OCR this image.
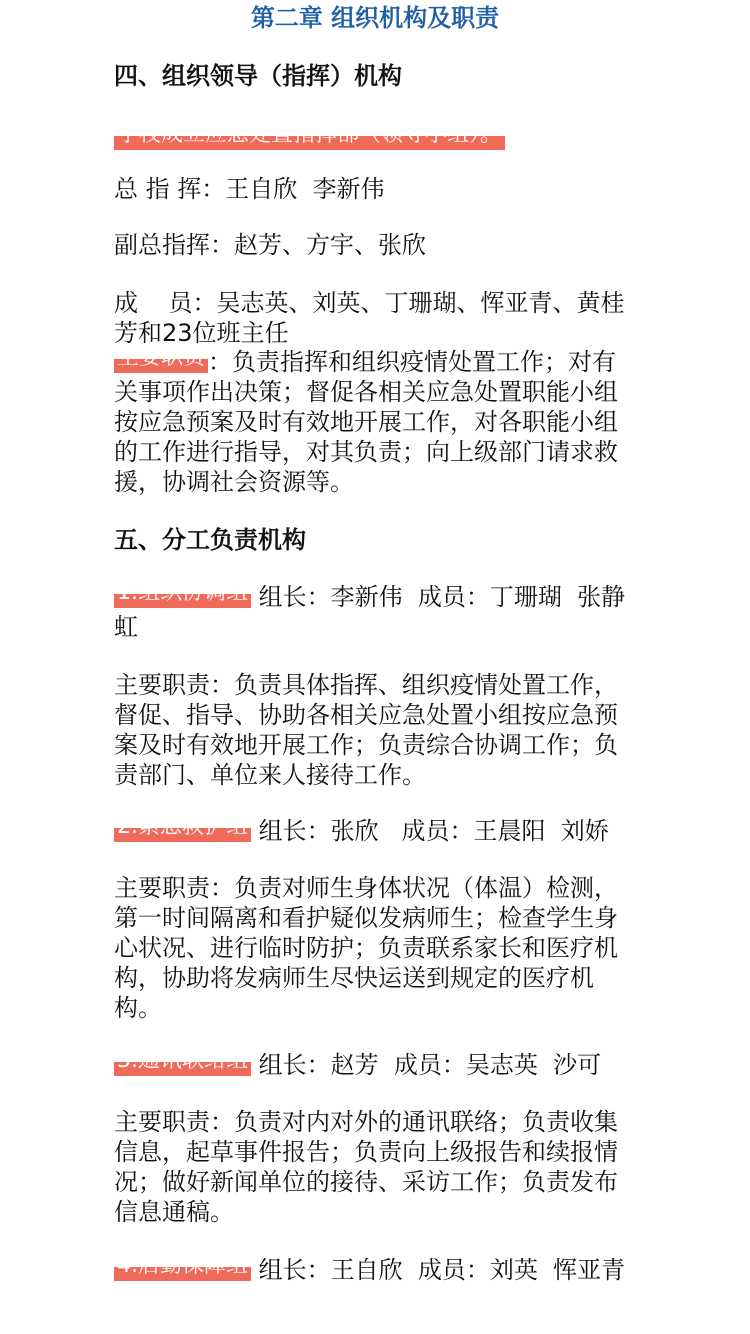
第二章 组织机构及职责
四、组织领导（指挥）机构
学校成立应急处置指挥部（领导小组）。
总 指 挥：王自欣  李新伟
副总指挥：赵芳、方宇、张欣
成    员：吴志英、刘英、丁珊瑚、恽亚青、黄桂芳和23位班主任
主要职责 ：负责指挥和组织疫情处置工作；对有关事项作出决策；督促各相关应急处置职能小组按应急预案及时有效地开展工作，对各职能小组的工作进行指导，对其负责；向上级部门请求救援，协调社会资源等。
五、分工负责机构
1.组织协调组 组长：李新伟  成员：丁珊瑚  张静虹
主要职责：负责具体指挥、组织疫情处置工作，督促、指导、协助各相关应急处置小组按应急预案及时有效地开展工作；负责综合协调工作；负责部门、单位来人接待工作。
2.紧急救护组 组长：张欣   成员：王晨阳  刘娇
主要职责：负责对师生身体状况（体温）检测，第一时间隔离和看护疑似发病师生；检查学生身心状况、进行临时防护；负责联系家长和医疗机构，协助将发病师生尽快运送到规定的医疗机构。
3.通讯联络组 组长：赵芳  成员：吴志英  沙可
主要职责：负责对内对外的通讯联络；负责收集信息，起草事件报告；负责向上级报告和续报情况；做好新闻单位的接待、采访工作；负责发布信息通稿。
4.后勤保障组 组长：王自欣  成员：刘英  恽亚青
